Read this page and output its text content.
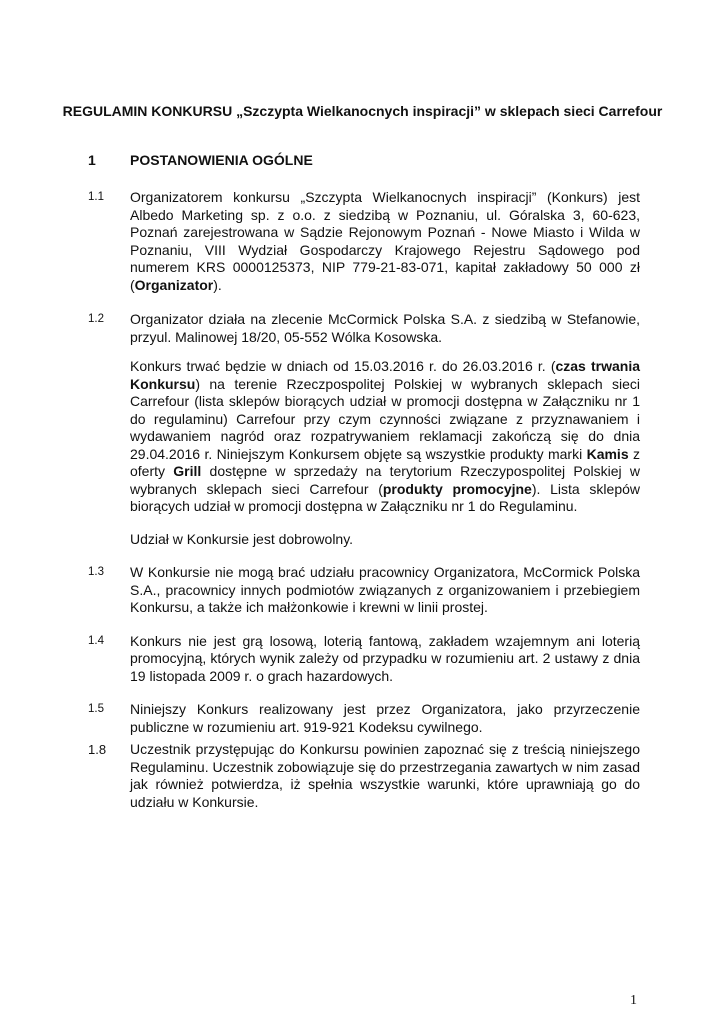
REGULAMIN KONKURSU „Szczypta Wielkanocnych inspiracji” w sklepach sieci Carrefour
1 POSTANOWIENIA OGÓLNE
1.1 Organizatorem konkursu „Szczypta Wielkanocnych inspiracji” (Konkurs) jest Albedo Marketing sp. z o.o. z siedzibą w Poznaniu, ul. Góralska 3, 60-623, Poznań zarejestrowana w Sądzie Rejonowym Poznań - Nowe Miasto i Wilda w Poznaniu, VIII Wydział Gospodarczy Krajowego Rejestru Sądowego pod numerem KRS 0000125373, NIP 779-21-83-071, kapitał zakładowy 50 000 zł (Organizator).
1.2 Organizator działa na zlecenie McCormick Polska S.A. z siedzibą w Stefanowie, przyul. Malinowej 18/20, 05-552 Wólka Kosowska.
Konkurs trwać będzie w dniach od 15.03.2016 r. do 26.03.2016 r. (czas trwania Konkursu) na terenie Rzeczpospolitej Polskiej w wybranych sklepach sieci Carrefour (lista sklepów biorących udział w promocji dostępna w Załączniku nr 1 do regulaminu) Carrefour przy czym czynności związane z przyznawaniem i wydawaniem nagród oraz rozpatrywaniem reklamacji zakończą się do dnia 29.04.2016 r. Niniejszym Konkursem objęte są wszystkie produkty marki Kamis z oferty Grill dostępne w sprzedaży na terytorium Rzeczypospolitej Polskiej w wybranych sklepach sieci Carrefour (produkty promocyjne). Lista sklepów biorących udział w promocji dostępna w Załączniku nr 1 do Regulaminu.
Udział w Konkursie jest dobrowolny.
1.3 W Konkursie nie mogą brać udziału pracownicy Organizatora, McCormick Polska S.A., pracownicy innych podmiotów związanych z organizowaniem i przebiegiem Konkursu, a także ich małżonkowie i krewni w linii prostej.
1.4 Konkurs nie jest grą losową, loterią fantową, zakładem wzajemnym ani loterią promocyjną, których wynik zależy od przypadku w rozumieniu art. 2 ustawy z dnia 19 listopada 2009 r. o grach hazardowych.
1.5 Niniejszy Konkurs realizowany jest przez Organizatora, jako przyrzeczenie publiczne w rozumieniu art. 919-921 Kodeksu cywilnego.
1.8 Uczestnik przystępując do Konkursu powinien zapoznać się z treścią niniejszego Regulaminu. Uczestnik zobowiązuje się do przestrzegania zawartych w nim zasad jak również potwierdza, iż spełnia wszystkie warunki, które uprawniają go do udziału w Konkursie.
1
